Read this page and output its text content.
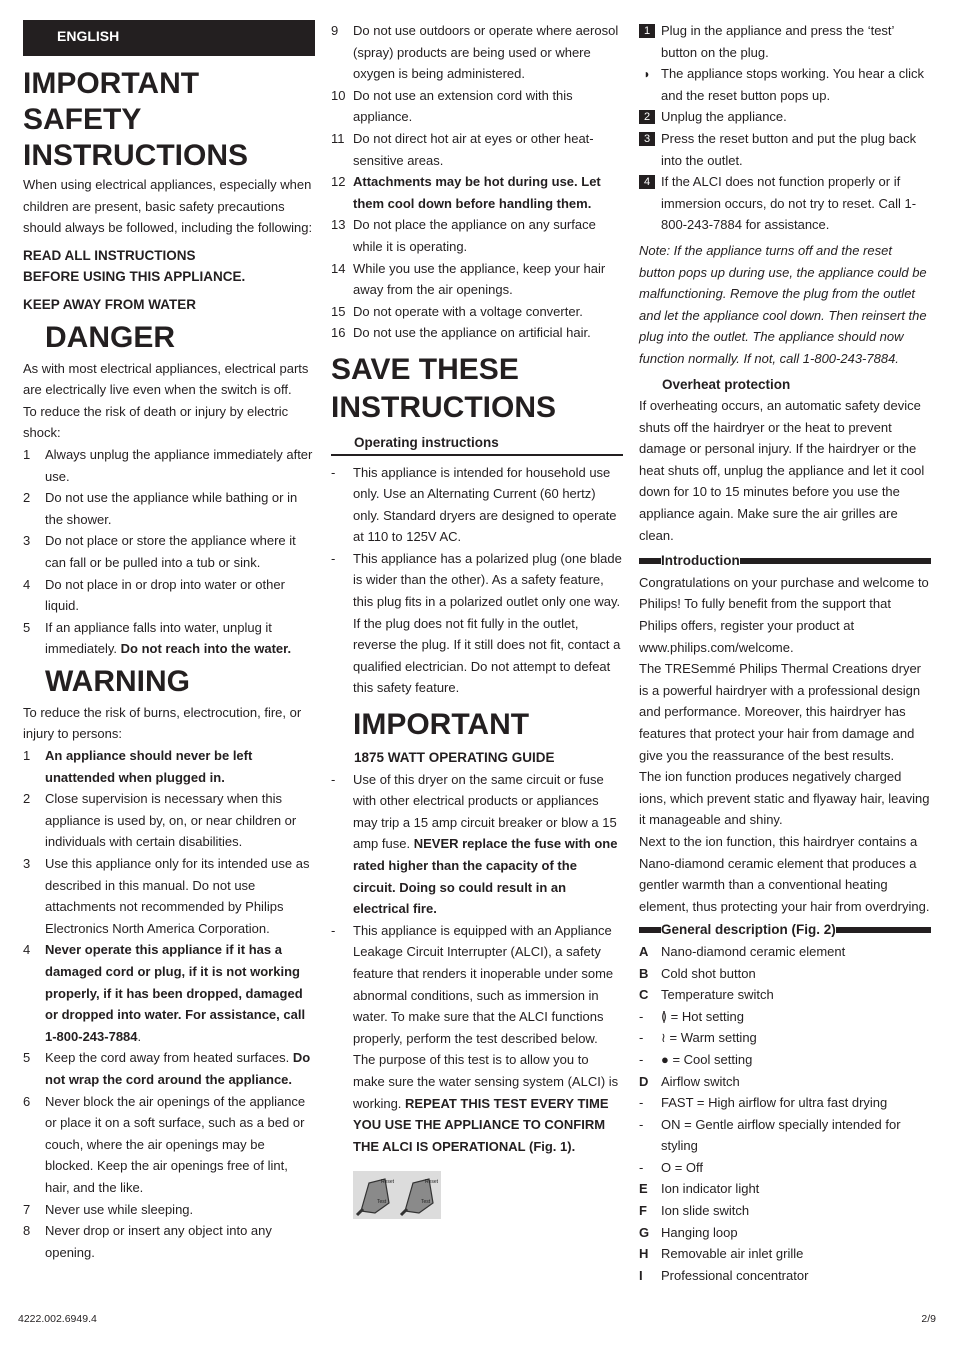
ENGLISH
IMPORTANT
SAFETY
INSTRUCTIONS

When using electrical appliances, especially when children are present, basic safety precautions should always be followed, including the following:

READ ALL INSTRUCTIONS
BEFORE USING THIS APPLIANCE.
KEEP AWAY FROM WATER
DANGER

As with most electrical appliances, electrical parts are electrically live even when the switch is off.

To reduce the risk of death or injury by electric shock:

1	Always unplug the appliance immediately after use.
2	Do not use the appliance while bathing or in the shower.
3	Do not place or store the appliance where it can fall or be pulled into a tub or sink.
4	Do not place in or drop into water or other liquid.
5	If an appliance falls into water, unplug it immediately. Do not reach into the water.
WARNING

To reduce the risk of burns, electrocution, fire, or injury to persons:

1	An appliance should never be left unattended when plugged in.
2	Close supervision is necessary when this appliance is used by, on, or near children or individuals with certain disabilities.
3	Use this appliance only for its intended use as described in this manual. Do not use attachments not recommended by Philips Electronics North America Corporation.
4	Never operate this appliance if it has a damaged cord or plug, if it is not working properly, if it has been dropped, damaged or dropped into water. For assistance, call 1-800-243-7884.
5	Keep the cord away from heated surfaces. Do not wrap the cord around the appliance.
6	Never block the air openings of the appliance or place it on a soft surface, such as a bed or couch, where the air openings may be blocked. Keep the air openings free of lint, hair, and the like.
7	Never use while sleeping.
8	Never drop or insert any object into any opening.
9	Do not use outdoors or operate where aerosol (spray) products are being used or where oxygen is being administered.
10 Do not use an extension cord with this appliance.
11 Do not direct hot air at eyes or other heat-sensitive areas.
12 Attachments may be hot during use. Let them cool down before handling them.
13 Do not place the appliance on any surface while it is operating.
14 While you use the appliance, keep your hair away from the air openings.
15 Do not operate with a voltage converter.
16 Do not use the appliance on artificial hair.
SAVE THESE
INSTRUCTIONS
Operating instructions
-	This appliance is intended for household use only. Use an Alternating Current (60 hertz) only. Standard dryers are designed to operate at 110 to 125V AC.
-	This appliance has a polarized plug (one blade is wider than the other). As a safety feature, this plug fits in a polarized outlet only one way. If the plug does not fit fully in the outlet, reverse the plug. If it still does not fit, contact a qualified electrician. Do not attempt to defeat this safety feature.
IMPORTANT
1875 WATT OPERATING GUIDE
-	Use of this dryer on the same circuit or fuse with other electrical products or appliances may trip a 15 amp circuit breaker or blow a 15 amp fuse. NEVER replace the fuse with one rated higher than the capacity of the circuit. Doing so could result in an electrical fire.
-	This appliance is equipped with an Appliance Leakage Circuit Interrupter (ALCI), a safety feature that renders it inoperable under some abnormal conditions, such as immersion in water. To make sure that the ALCI functions properly, perform the test described below. The purpose of this test is to allow you to make sure the water sensing system (ALCI) is working. REPEAT THIS TEST EVERY TIME YOU USE THE APPLIANCE TO CONFIRM THE ALCI IS OPERATIONAL (Fig. 1).
Reset
Test
Reset
Test
1 Plug in the appliance and press the ‘test’ button on the plug.
◗ The appliance stops working. You hear a click and the reset button pops up.
2 Unplug the appliance.
3 Press the reset button and put the plug back into the outlet.
4 If the ALCI does not function properly or if immersion occurs, do not try to reset. Call 1-800-243-7884 for assistance.

Note: If the appliance turns off and the reset button pops up during use, the appliance could be malfunctioning. Remove the plug from the outlet and let the appliance cool down. Then reinsert the plug into the outlet. The appliance should now function normally. If not, call 1-800-243-7884.

Overheat protection

If overheating occurs, an automatic safety device shuts off the hairdryer or the heat to prevent damage or personal injury. If the hairdryer or the heat shuts off, unplug the appliance and let it cool down for 10 to 15 minutes before you use the appliance again. Make sure the air grilles are clean.

Introduction

Congratulations on your purchase and welcome to Philips! To fully benefit from the support that Philips offers, register your product at www.philips.com/welcome.

The TRESemmé Philips Thermal Creations dryer is a powerful hairdryer with a professional design and performance. Moreover, this hairdryer has features that protect your hair from damage and give you the reassurance of the best results.

The ion function produces negatively charged ions, which prevent static and flyaway hair, leaving it manageable and shiny.

Next to the ion function, this hairdryer contains a Nano-diamond ceramic element that produces a gentler warmth than a conventional heating element, thus protecting your hair from overdrying.

General description (Fig. 2)
A Nano-diamond ceramic element
B Cold shot button
C Temperature switch
-	≬ = Hot setting
-	≀ = Warm setting
-	● = Cool setting
D Airflow switch
-	FAST = High airflow for ultra fast drying
-	ON = Gentle airflow specially intended for styling
-	O = Off
E	Ion indicator light
F	Ion slide switch
G Hanging loop
H Removable air inlet grille
I	Professional concentrator
4222.002.6949.4	2/9
